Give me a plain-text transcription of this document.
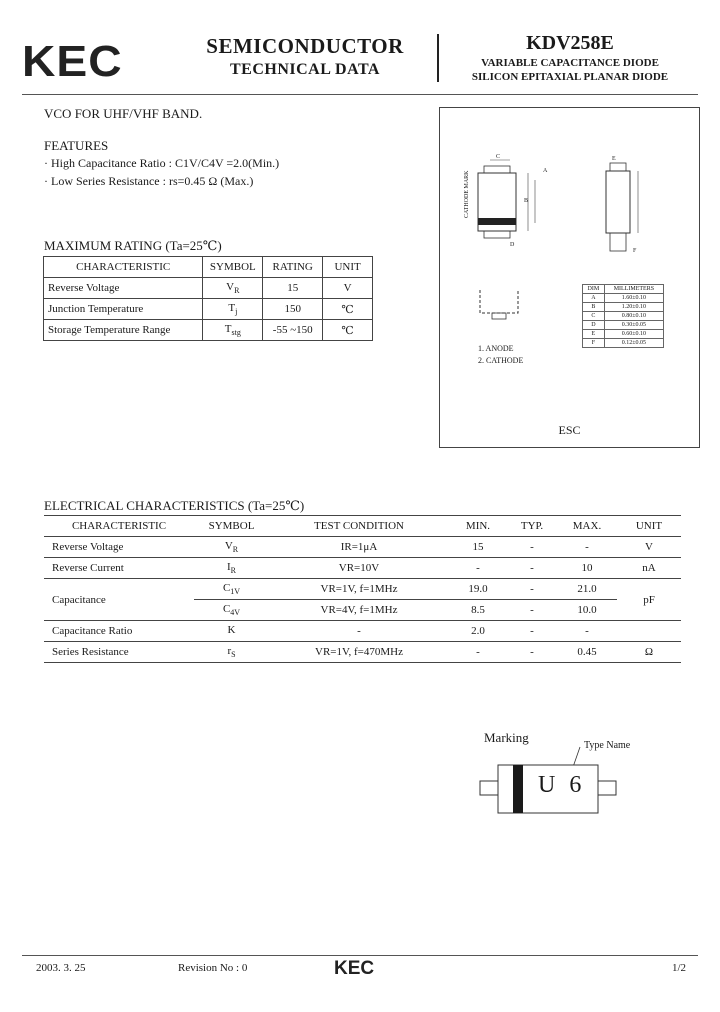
KEC	SEMICONDUCTOR
TECHNICAL DATA
KDV258E
VARIABLE CAPACITANCE DIODE
SILICON EPITAXIAL PLANAR DIODE
VCO FOR UHF/VHF BAND.
FEATURES
· High Capacitance Ratio : C1V/C4V =2.0(Min.)
· Low Series Resistance : rs=0.45 Ω (Max.)
MAXIMUM RATING (Ta=25℃)
CHARACTERISTIC	SYMBOL	RATING	UNIT
Reverse Voltage	$V_R$	15	V
Junction Temperature	$T_j$	150	℃
Storage Temperature Range	$T_{stg}$	-55 ~150	℃
CATHODE MARK
C
A
B
D
E
F
DIM	MILLIMETERS
A	1.60±0.10
B	1.20±0.10
C	0.80±0.10
D	0.30±0.05
E	0.60±0.10
F	0.12±0.05
1. ANODE
2. CATHODE
ESC
ELECTRICAL CHARACTERISTICS (Ta=25℃)
CHARACTERISTIC	SYMBOL	TEST CONDITION	MIN.	TYP.	MAX.	UNIT
Reverse Voltage	$V_R$	IR=1μA	15	-	-	V
Reverse Current	$I_R$	VR=10V	-	-	10	nA
Capacitance	$C_{1V}$	VR=1V, f=1MHz	19.0	-	21.0	pF
	$C_{4V}$	VR=4V, f=1MHz	8.5	-	10.0	
Capacitance Ratio	K	-	2.0	-	-	
Series Resistance	$r_S$	VR=1V, f=470MHz	-	-	0.45	Ω
Marking
Type Name
U 6
2003. 3. 25	Revision No : 0	KEC	1/2
